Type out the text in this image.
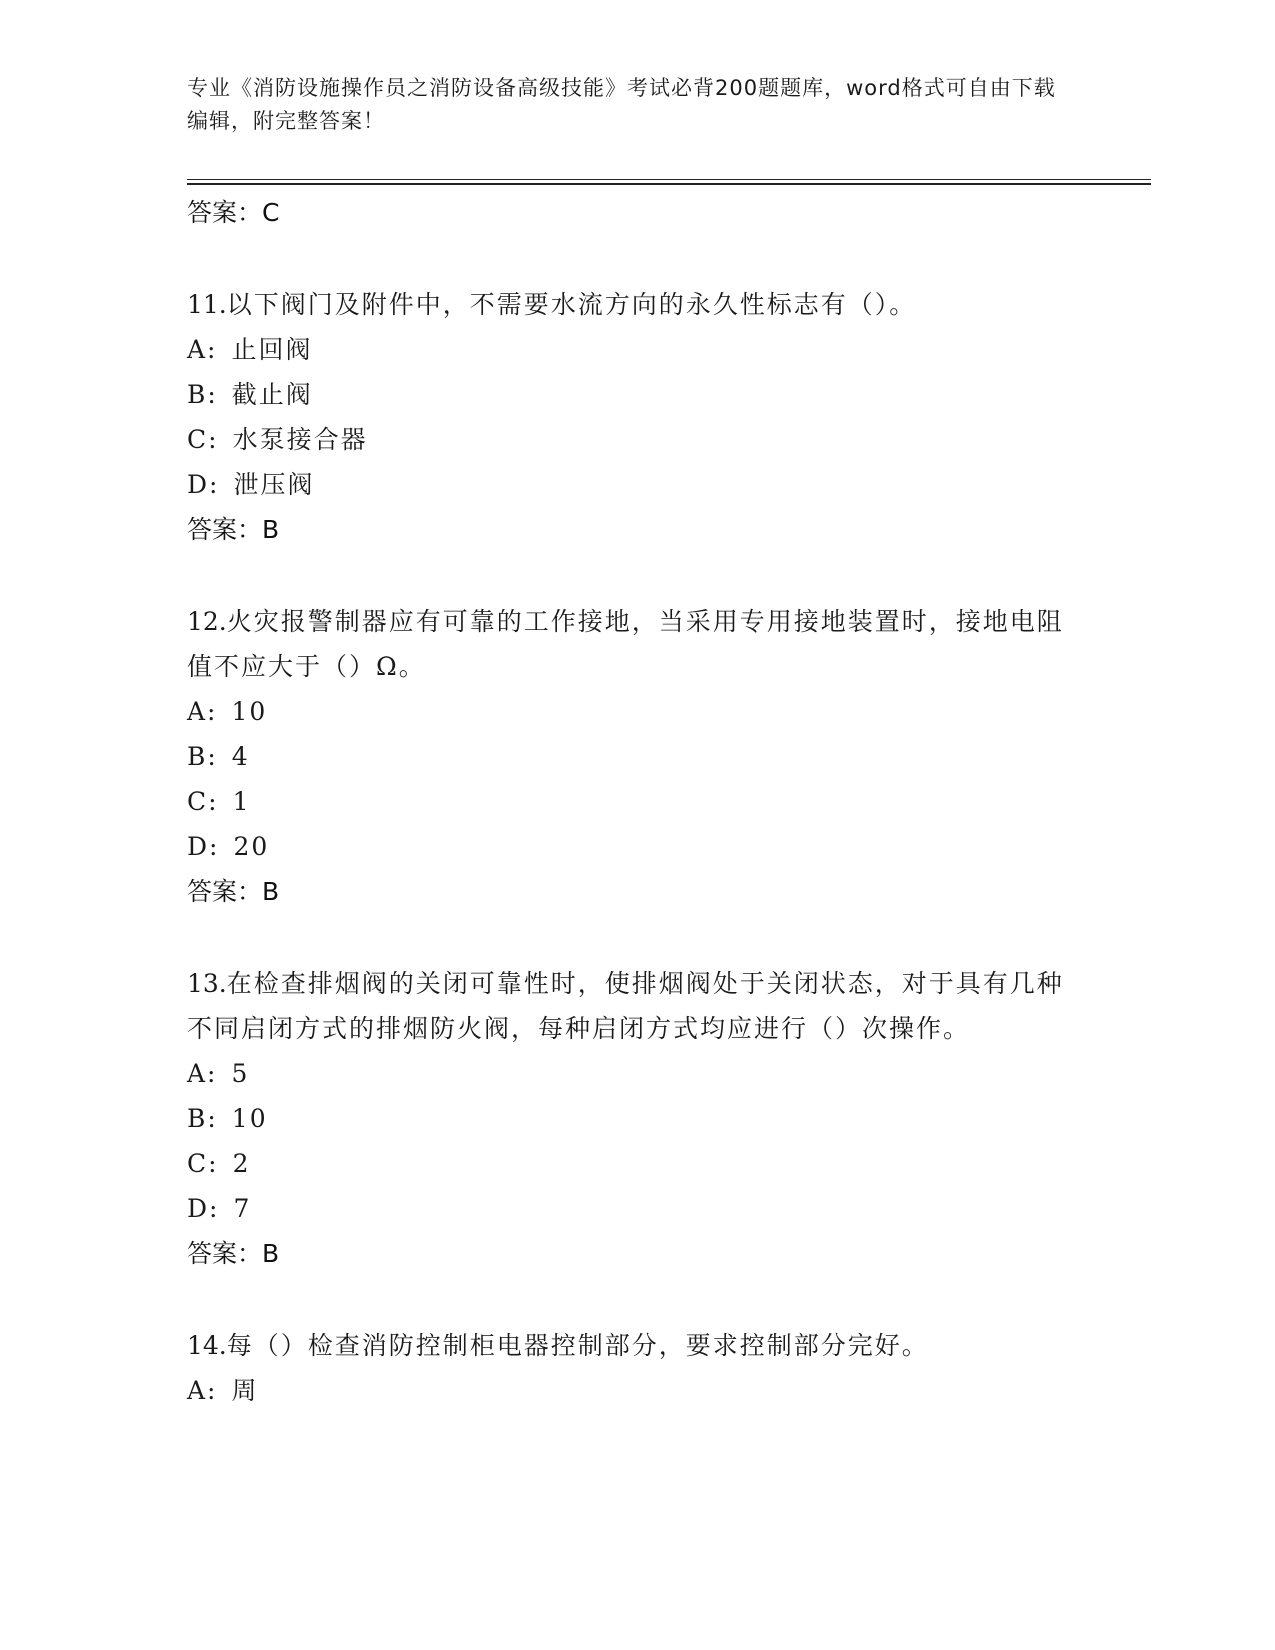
专业《消防设施操作员之消防设备高级技能》考试必背200题题库，word格式可自由下载编辑，附完整答案！
答案：C
11.以下阀门及附件中，不需要水流方向的永久性标志有（）。
A: 止回阀
B: 截止阀
C: 水泵接合器
D: 泄压阀
答案：B
12.火灾报警制器应有可靠的工作接地，当采用专用接地装置时，接地电阻值不应大于（）Ω。
A: 10
B: 4
C: 1
D: 20
答案：B
13.在检查排烟阀的关闭可靠性时，使排烟阀处于关闭状态，对于具有几种不同启闭方式的排烟防火阀，每种启闭方式均应进行（）次操作。
A: 5
B: 10
C: 2
D: 7
答案：B
14.每（）检查消防控制柜电器控制部分，要求控制部分完好。
A: 周
